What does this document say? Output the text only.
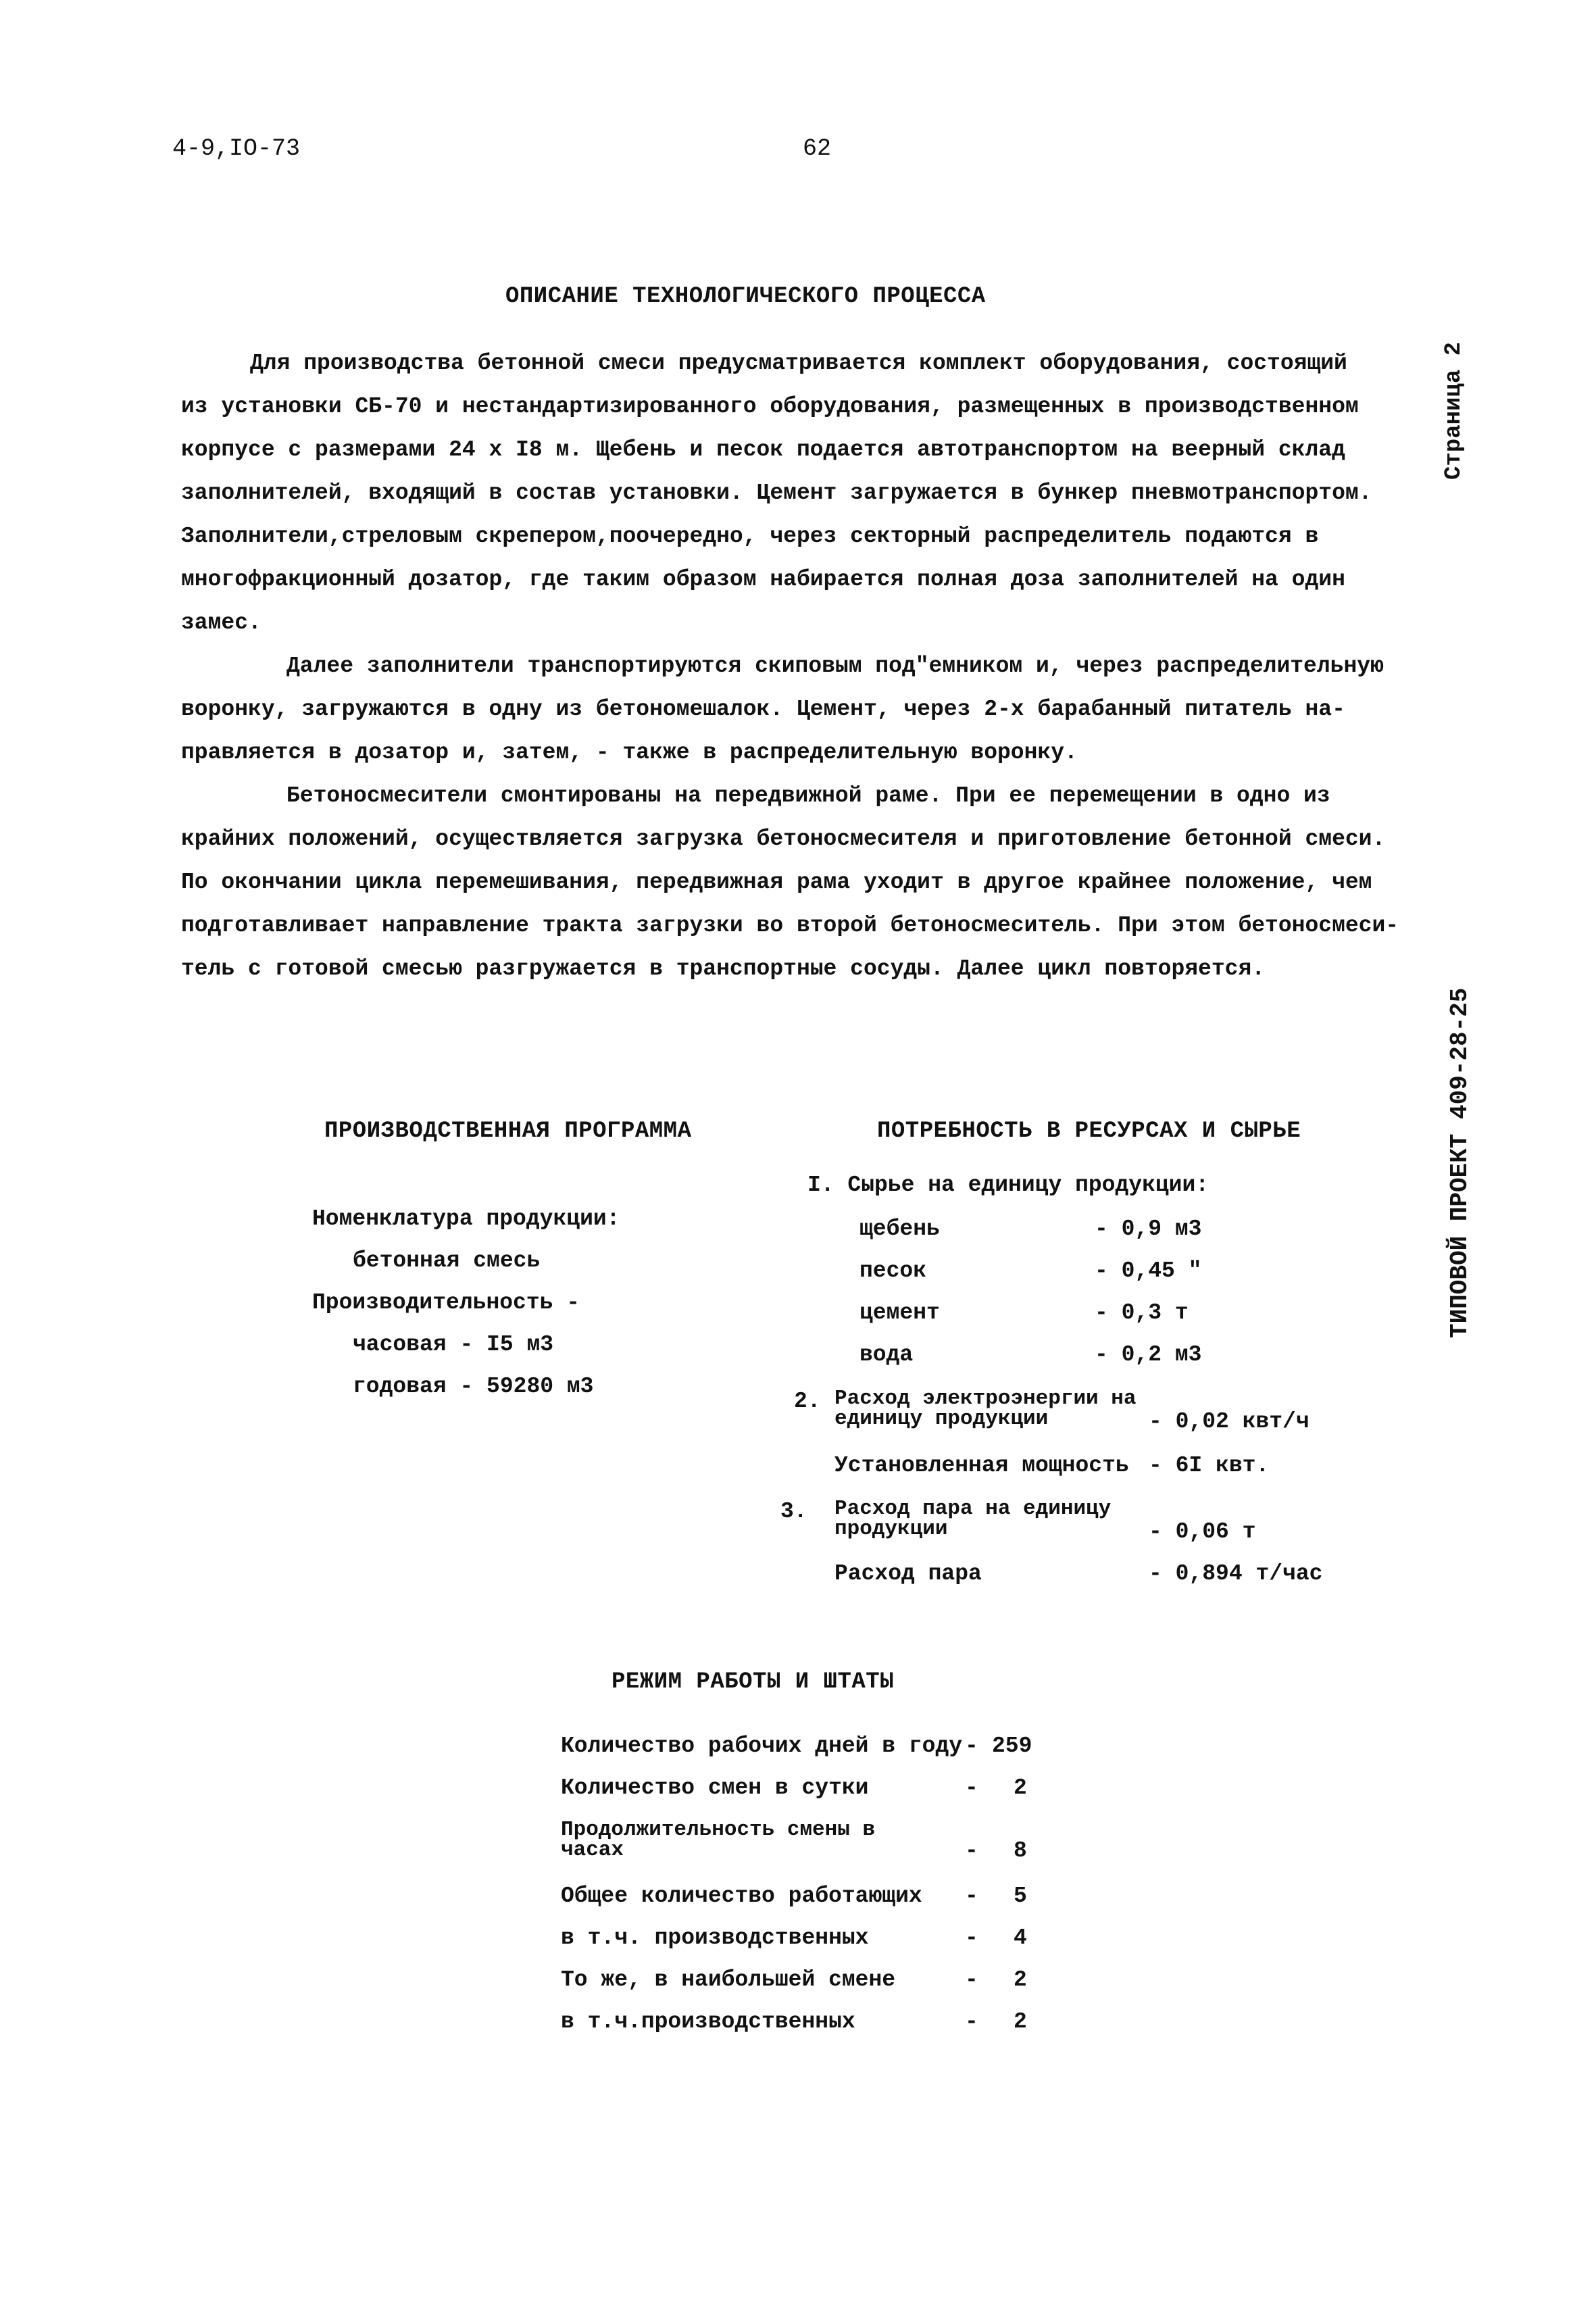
4-9,IO-73	62
Страница 2
ТИПОВОЙ ПРОЕКТ 409-28-25
ОПИСАНИЕ ТЕХНОЛОГИЧЕСКОГО ПРОЦЕССА
Для производства бетонной смеси предусматривается комплект оборудования, состоящий
из установки СБ-70 и нестандартизированного оборудования, размещенных в производственном
корпусе с размерами 24 х I8 м. Щебень и песок подается автотранспортом на веерный склад
заполнителей, входящий в состав установки. Цемент загружается в бункер пневмотранспортом.
Заполнители,стреловым скрепером,поочередно, через секторный распределитель подаются в
многофракционный дозатор, где таким образом набирается полная доза заполнителей на один
замес.
Далее заполнители транспортируются скиповым под"емником и, через распределительную
воронку, загружаются в одну из бетономешалок. Цемент, через 2-х барабанный питатель на-
правляется в дозатор и, затем, - также в распределительную воронку.
Бетоносмесители смонтированы на передвижной раме. При ее перемещении в одно из
крайних положений, осуществляется загрузка бетоносмесителя и приготовление бетонной смеси.
По окончании цикла перемешивания, передвижная рама уходит в другое крайнее положение, чем
подготавливает направление тракта загрузки во второй бетоносмеситель. При этом бетоносмеси-
тель с готовой смесью разгружается в транспортные сосуды. Далее цикл повторяется.
ПРОИЗВОДСТВЕННАЯ ПРОГРАММА
Номенклатура продукции:
бетонная смесь
Производительность -
часовая - I5 м3
годовая - 59280 м3
ПОТРЕБНОСТЬ В РЕСУРСАХ И СЫРЬЕ
I. Сырье на единицу продукции:
щебень	- 0,9 м3
песок	- 0,45 "
цемент	- 0,3 т
вода	- 0,2 м3
2. Расход электроэнергии на
единицу продукции	- 0,02 квт/ч
Установленная мощность - 6I квт.
3. Расход пара на единицу
продукции	- 0,06 т
Расход пара	- 0,894 т/час
РЕЖИМ РАБОТЫ И ШТАТЫ
Количество рабочих дней в году - 259
Количество смен в сутки	- 2
Продолжительность смены в
часах	- 8
Общее количество работающих - 5
в т.ч. производственных	- 4
То же, в наибольшей смене	- 2
в т.ч.производственных	- 2
